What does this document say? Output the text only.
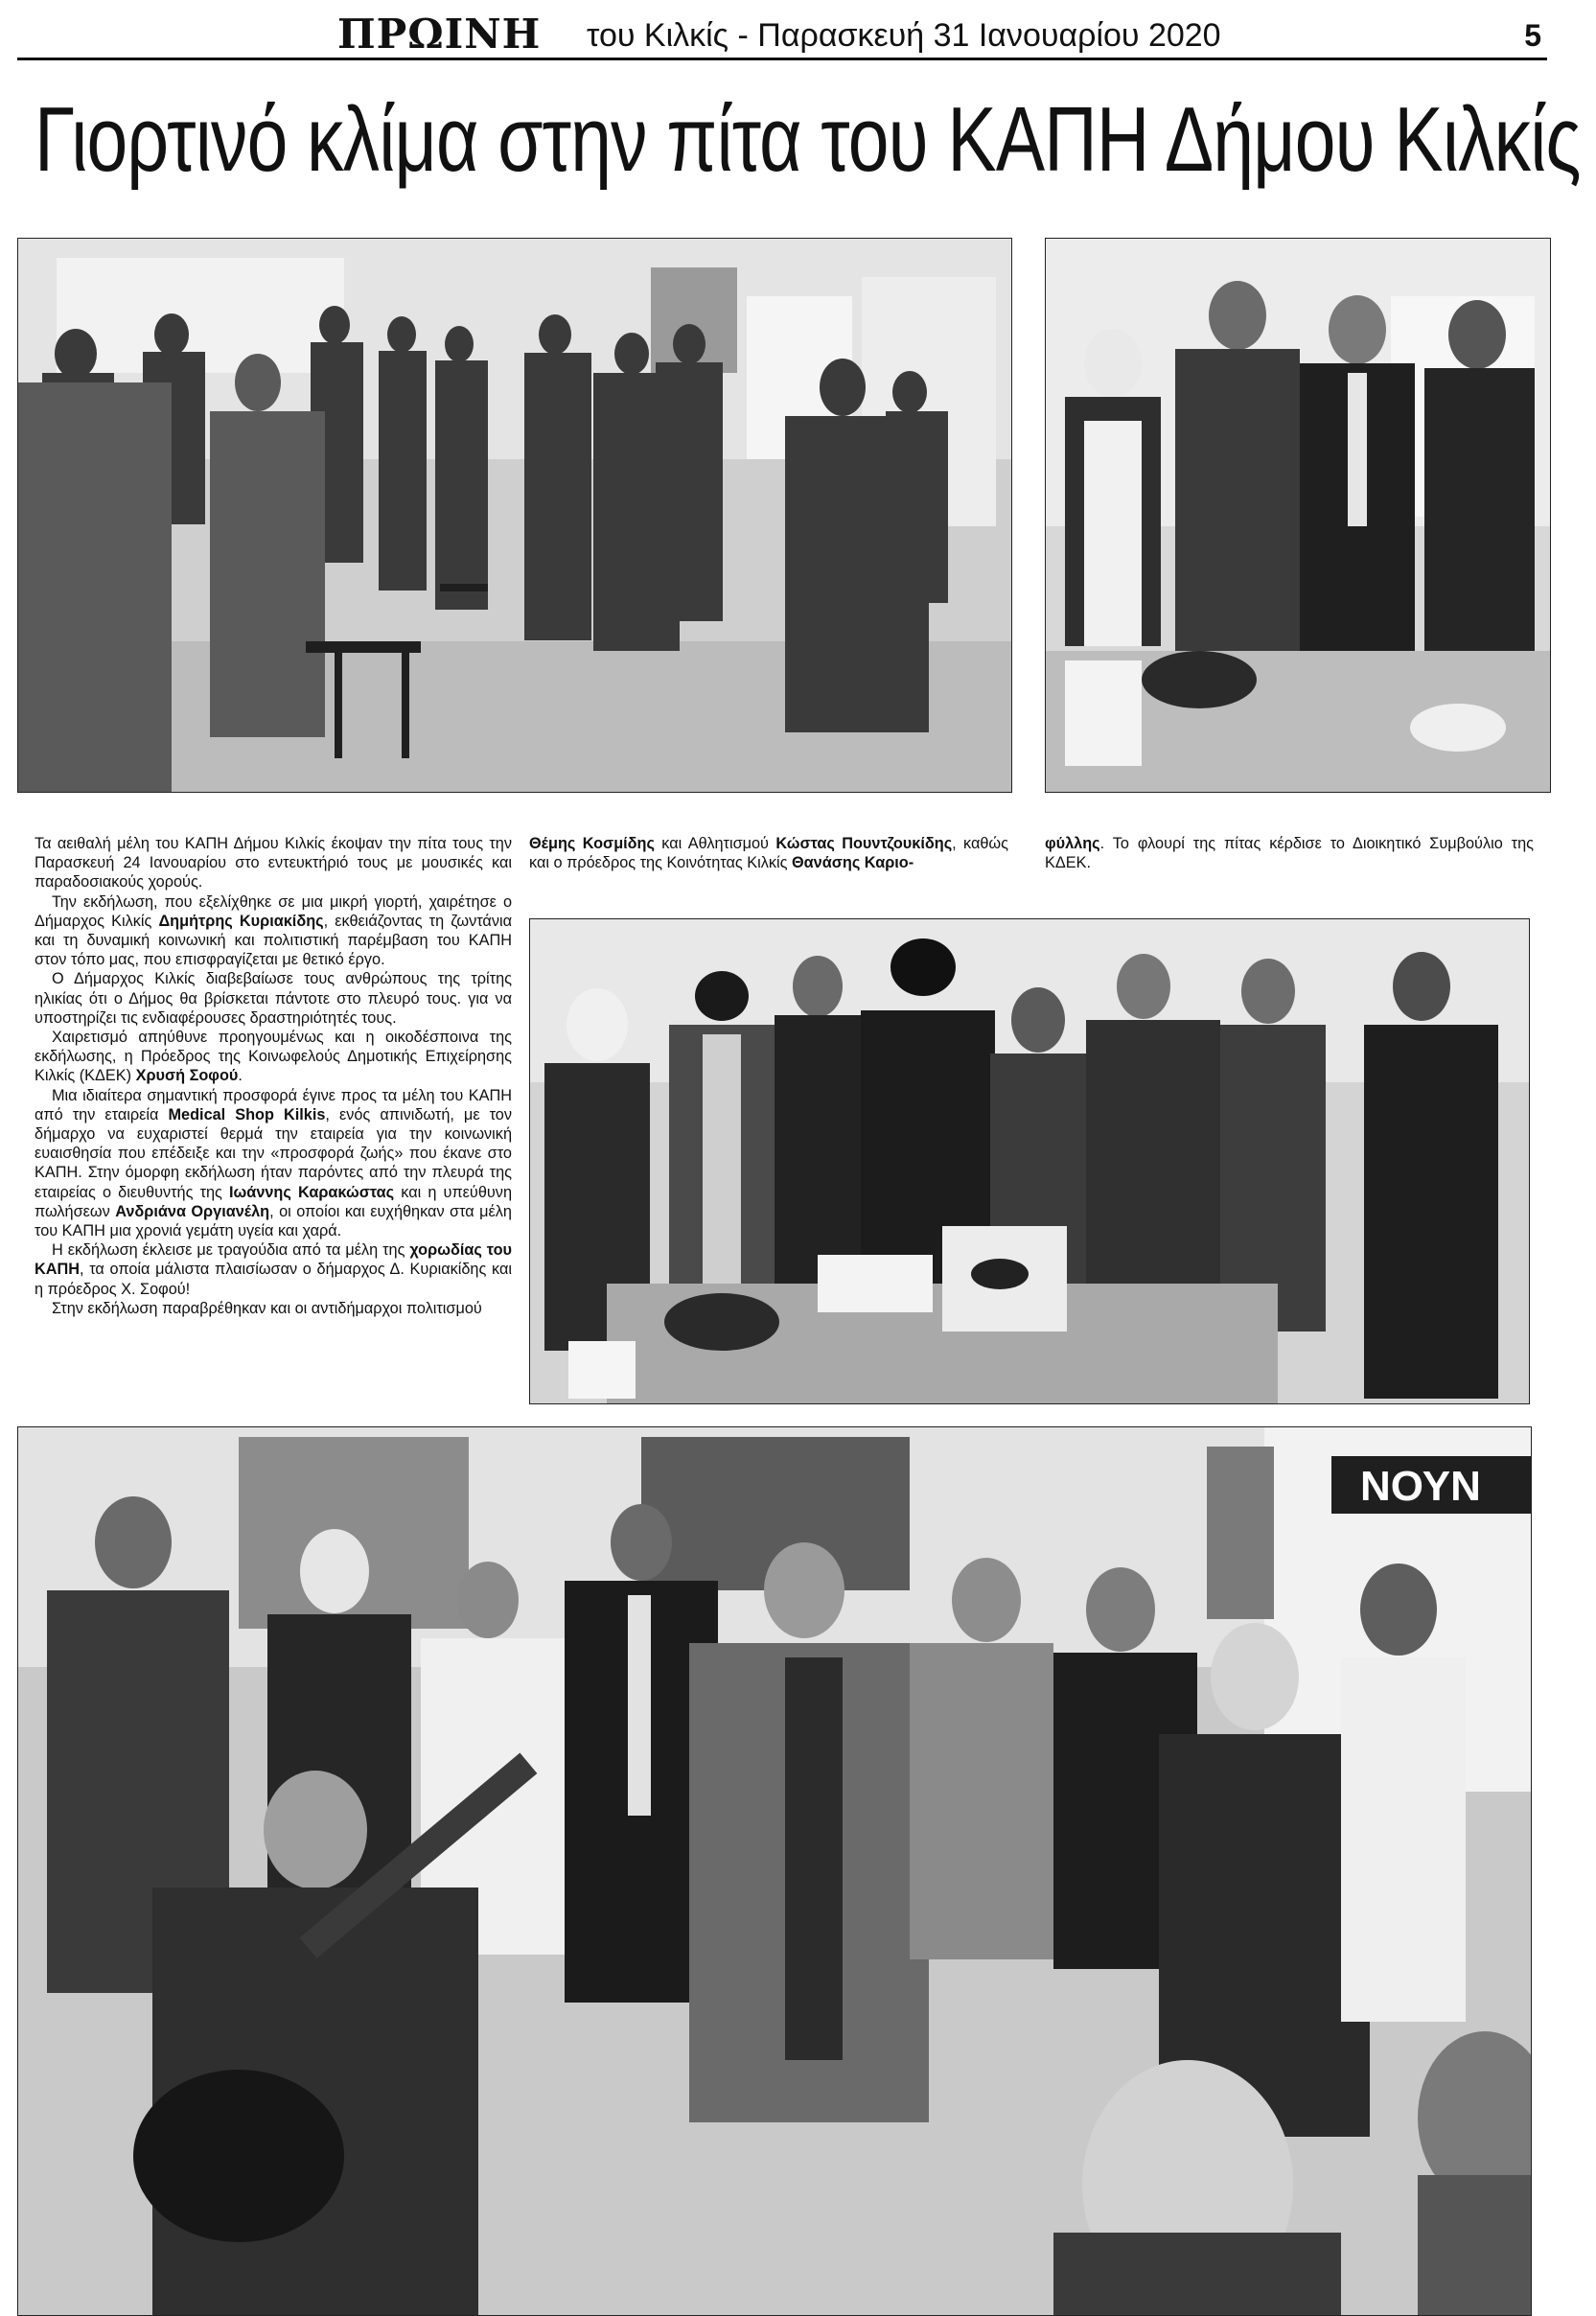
ΠΡΩΙΝΗ του Κιλκίς - Παρασκευή 31 Ιανουαρίου 2020	5
Γιορτινό κλίμα στην πίτα του ΚΑΠΗ Δήμου Κιλκίς
ΝΟΥΝ

Τα αειθαλή μέλη του ΚΑΠΗ Δήμου Κιλκίς έκοψαν την πίτα τους την Παρασκευή 24 Ιανουαρίου στο εντευκτήριό τους με μουσικές και παραδοσιακούς χορούς.

Την εκδήλωση, που εξελίχθηκε σε μια μικρή γιορτή, χαιρέτησε ο Δήμαρχος Κιλκίς Δημήτρης Κυριακίδης, εκθειάζοντας τη ζωντάνια και τη δυναμική κοινωνική και πολιτιστική παρέμβαση του ΚΑΠΗ στον τόπο μας, που επισφραγίζεται με θετικό έργο.

Ο Δήμαρχος Κιλκίς διαβεβαίωσε τους ανθρώπους της τρίτης ηλικίας ότι ο Δήμος θα βρίσκεται πάντοτε στο πλευρό τους. για να υποστηρίζει τις ενδιαφέρουσες δραστηριότητές τους.

Χαιρετισμό απηύθυνε προηγουμένως και η οικοδέσποινα της εκδήλωσης, η Πρόεδρος της Κοινωφελούς Δημοτικής Επιχείρησης Κιλκίς (ΚΔΕΚ) Χρυσή Σοφού.

Μια ιδιαίτερα σημαντική προσφορά έγινε προς τα μέλη του ΚΑΠΗ από την εταιρεία Medical Shop Kilkis, ενός απινιδωτή, με τον δήμαρχο να ευχαριστεί θερμά την εταιρεία για την κοινωνική ευαισθησία που επέδειξε και την «προσφορά ζωής» που έκανε στο ΚΑΠΗ. Στην όμορφη εκδήλωση ήταν παρόντες από την πλευρά της εταιρείας ο διευθυντής της Ιωάννης Καρακώστας και η υπεύθυνη πωλήσεων Ανδριάνα Οργιανέλη, οι οποίοι και ευχήθηκαν στα μέλη του ΚΑΠΗ μια χρονιά γεμάτη υγεία και χαρά.

Η εκδήλωση έκλεισε με τραγούδια από τα μέλη της χορωδίας του ΚΑΠΗ, τα οποία μάλιστα πλαισίωσαν ο δήμαρχος Δ. Κυριακίδης και η πρόεδρος Χ. Σοφού!

Στην εκδήλωση παραβρέθηκαν και οι αντιδήμαρχοι πολιτισμού

Θέμης Κοσμίδης και Αθλητισμού Κώστας Πουντζουκίδης, καθώς και ο πρόεδρος της Κοινότητας Κιλκίς Θανάσης Καριο-

φύλλης. Το φλουρί της πίτας κέρδισε το Διοικητικό Συμβούλιο της ΚΔΕΚ.
